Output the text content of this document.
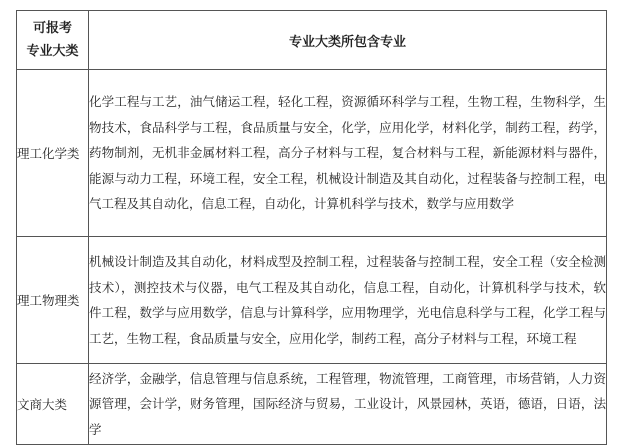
可报考
专业大类	专业大类所包含专业
理工化学类	化学工程与工艺，油气储运工程，轻化工程，资源循环科学与工程，生物工程，生物科学，生物技术，食品科学与工程，食品质量与安全，化学，应用化学，材料化学，制药工程，药学，药物制剂，无机非金属材料工程，高分子材料与工程，复合材料与工程，新能源材料与器件，能源与动力工程，环境工程，安全工程，机械设计制造及其自动化，过程装备与控制工程，电气工程及其自动化，信息工程，自动化，计算机科学与技术，数学与应用数学
理工物理类	机械设计制造及其自动化，材料成型及控制工程，过程装备与控制工程，安全工程（安全检测技术），测控技术与仪器，电气工程及其自动化，信息工程，自动化，计算机科学与技术，软件工程，数学与应用数学，信息与计算科学，应用物理学，光电信息科学与工程，化学工程与工艺，生物工程，食品质量与安全，应用化学，制药工程，高分子材料与工程，环境工程
文商大类	经济学，金融学，信息管理与信息系统，工程管理，物流管理，工商管理，市场营销，人力资源管理，会计学，财务管理，国际经济与贸易，工业设计，风景园林，英语，德语，日语，法学
